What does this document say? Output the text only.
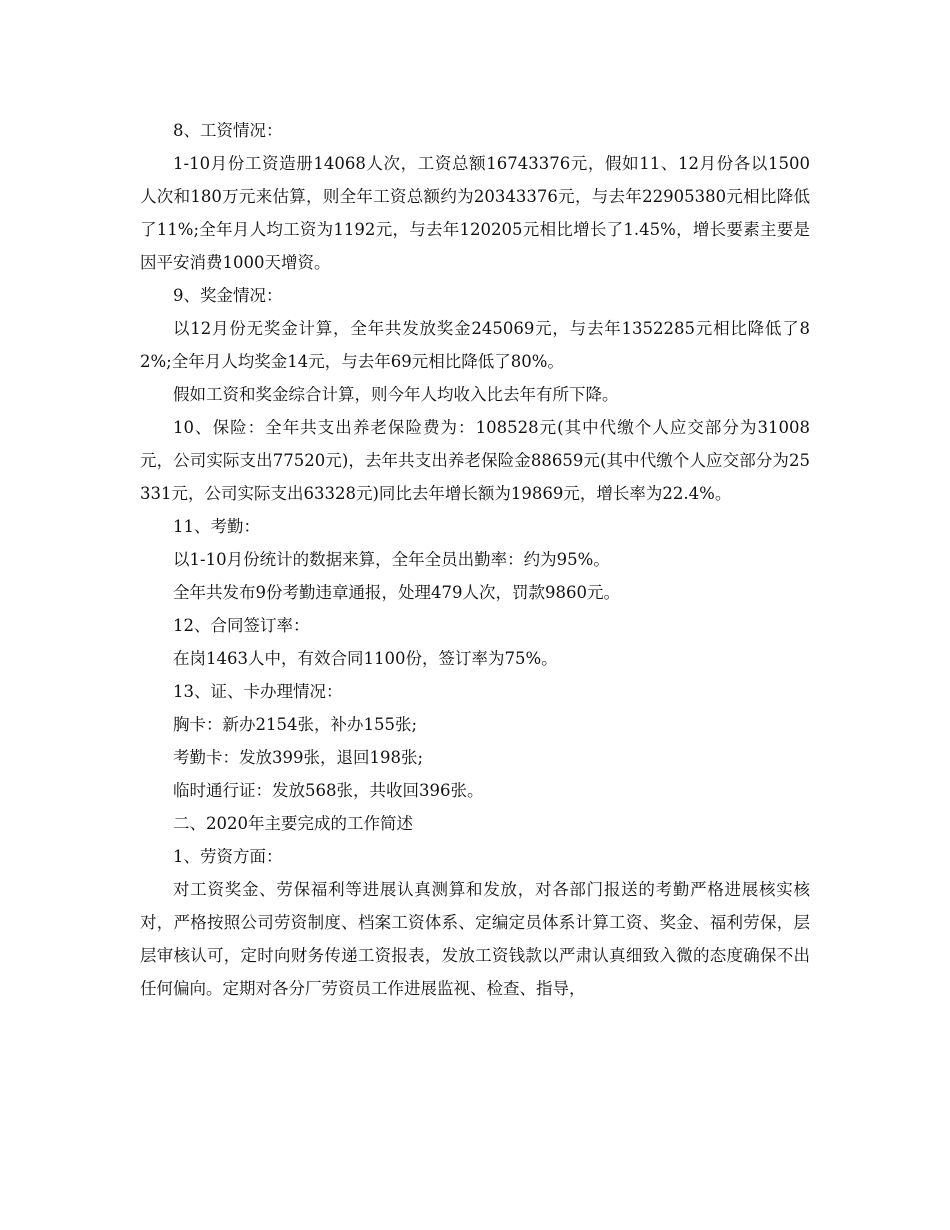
8、工资情况：

1-10月份工资造册14068人次，工资总额16743376元，假如11、12月份各以1500人次和180万元来估算，则全年工资总额约为20343376元，与去年22905380元相比降低了11%;全年月人均工资为1192元，与去年120205元相比增长了1.45%，增长要素主要是因平安消费1000天增资。

9、奖金情况：

以12月份无奖金计算，全年共发放奖金245069元，与去年1352285元相比降低了82%;全年月人均奖金14元，与去年69元相比降低了80%。

假如工资和奖金综合计算，则今年人均收入比去年有所下降。

10、保险：全年共支出养老保险费为：108528元(其中代缴个人应交部分为31008元，公司实际支出77520元)，去年共支出养老保险金88659元(其中代缴个人应交部分为25331元，公司实际支出63328元)同比去年增长额为19869元，增长率为22.4%。

11、考勤：

以1-10月份统计的数据来算，全年全员出勤率：约为95%。

全年共发布9份考勤违章通报，处理479人次，罚款9860元。

12、合同签订率：

在岗1463人中，有效合同1100份，签订率为75%。

13、证、卡办理情况：

胸卡：新办2154张，补办155张;

考勤卡：发放399张，退回198张;

临时通行证：发放568张，共收回396张。

二、2020年主要完成的工作简述

1、劳资方面：

对工资奖金、劳保福利等进展认真测算和发放，对各部门报送的考勤严格进展核实核对，严格按照公司劳资制度、档案工资体系、定编定员体系计算工资、奖金、福利劳保，层层审核认可，定时向财务传递工资报表，发放工资钱款以严肃认真细致入微的态度确保不出任何偏向。定期对各分厂劳资员工作进展监视、检查、指导，
